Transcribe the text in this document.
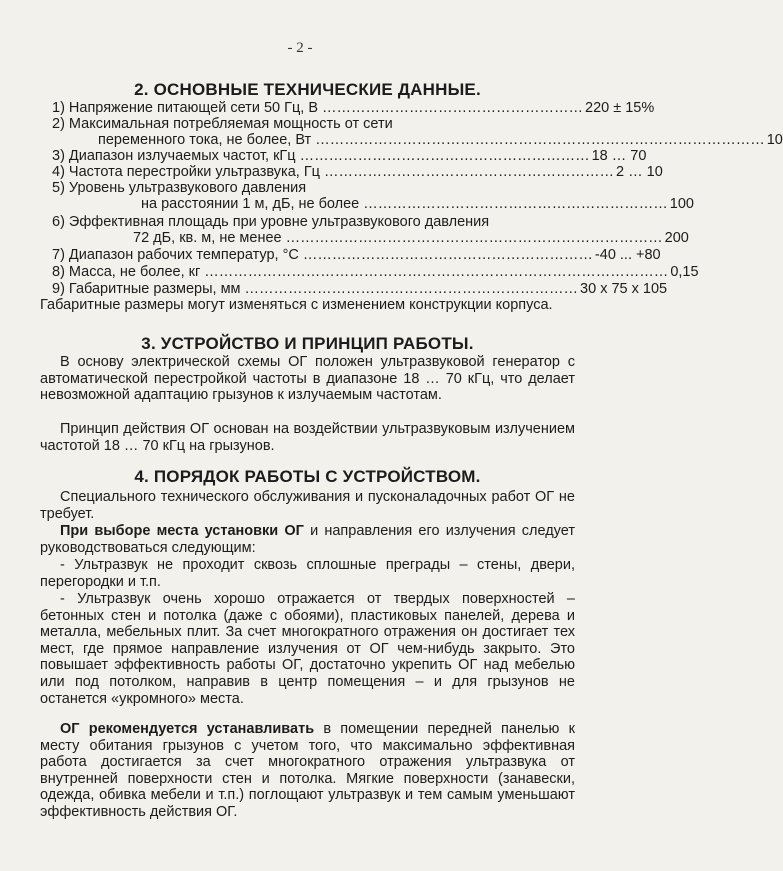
- 2 -
2. ОСНОВНЫЕ ТЕХНИЧЕСКИЕ ДАННЫЕ.
1) Напряжение питающей сети 50 Гц, В ……………………………………………… 220 ± 15%
2) Максимальная потребляемая мощность от сети
переменного тока, не более, Вт ………………………………………………………………………………… 10
3) Диапазон излучаемых частот, кГц …………………………………………………… 18 … 70
4) Частота перестройки ультразвука, Гц …………………………………………………… 2 … 10
5) Уровень ультразвукового давления
на расстоянии 1 м, дБ, не более ……………………………………………………… 100
6) Эффективная площадь при уровне ультразвукового давления
72 дБ, кв. м, не менее …………………………………………………………………… 200
7) Диапазон рабочих температур, °С …………………………………………………… -40 ... +80
8) Масса, не более, кг …………………………………………………………………………………… 0,15
9) Габаритные размеры, мм …………………………………………………………… 30 х 75 х 105
Габаритные размеры могут изменяться с изменением конструкции корпуса.
3. УСТРОЙСТВО И ПРИНЦИП РАБОТЫ.
В основу электрической схемы ОГ положен ультразвуковой генератор с автоматической перестройкой частоты в диапазоне 18 … 70 кГц, что делает невозможной адаптацию грызунов к излучаемым частотам.
Принцип действия ОГ основан на воздействии ультразвуковым излучением частотой 18 … 70 кГц на грызунов.
4. ПОРЯДОК РАБОТЫ С УСТРОЙСТВОМ.
Специального технического обслуживания и пусконаладочных работ ОГ не требует.
При выборе места установки ОГ и направления его излучения следует руководствоваться следующим:
- Ультразвук не проходит сквозь сплошные преграды – стены, двери, перегородки и т.п.
- Ультразвук очень хорошо отражается от твердых поверхностей – бетонных стен и потолка (даже с обоями), пластиковых панелей, дерева и металла, мебельных плит. За счет многократного отражения он достигает тех мест, где прямое направление излучения от ОГ чем-нибудь закрыто. Это повышает эффективность работы ОГ, достаточно укрепить ОГ над мебелью или под потолком, направив в центр помещения – и для грызунов не останется «укромного» места.
ОГ рекомендуется устанавливать в помещении передней панелью к месту обитания грызунов с учетом того, что максимально эффективная работа достигается за счет многократного отражения ультразвука от внутренней поверхности стен и потолка. Мягкие поверхности (занавески, одежда, обивка мебели и т.п.) поглощают ультразвук и тем самым уменьшают эффективность действия ОГ.
